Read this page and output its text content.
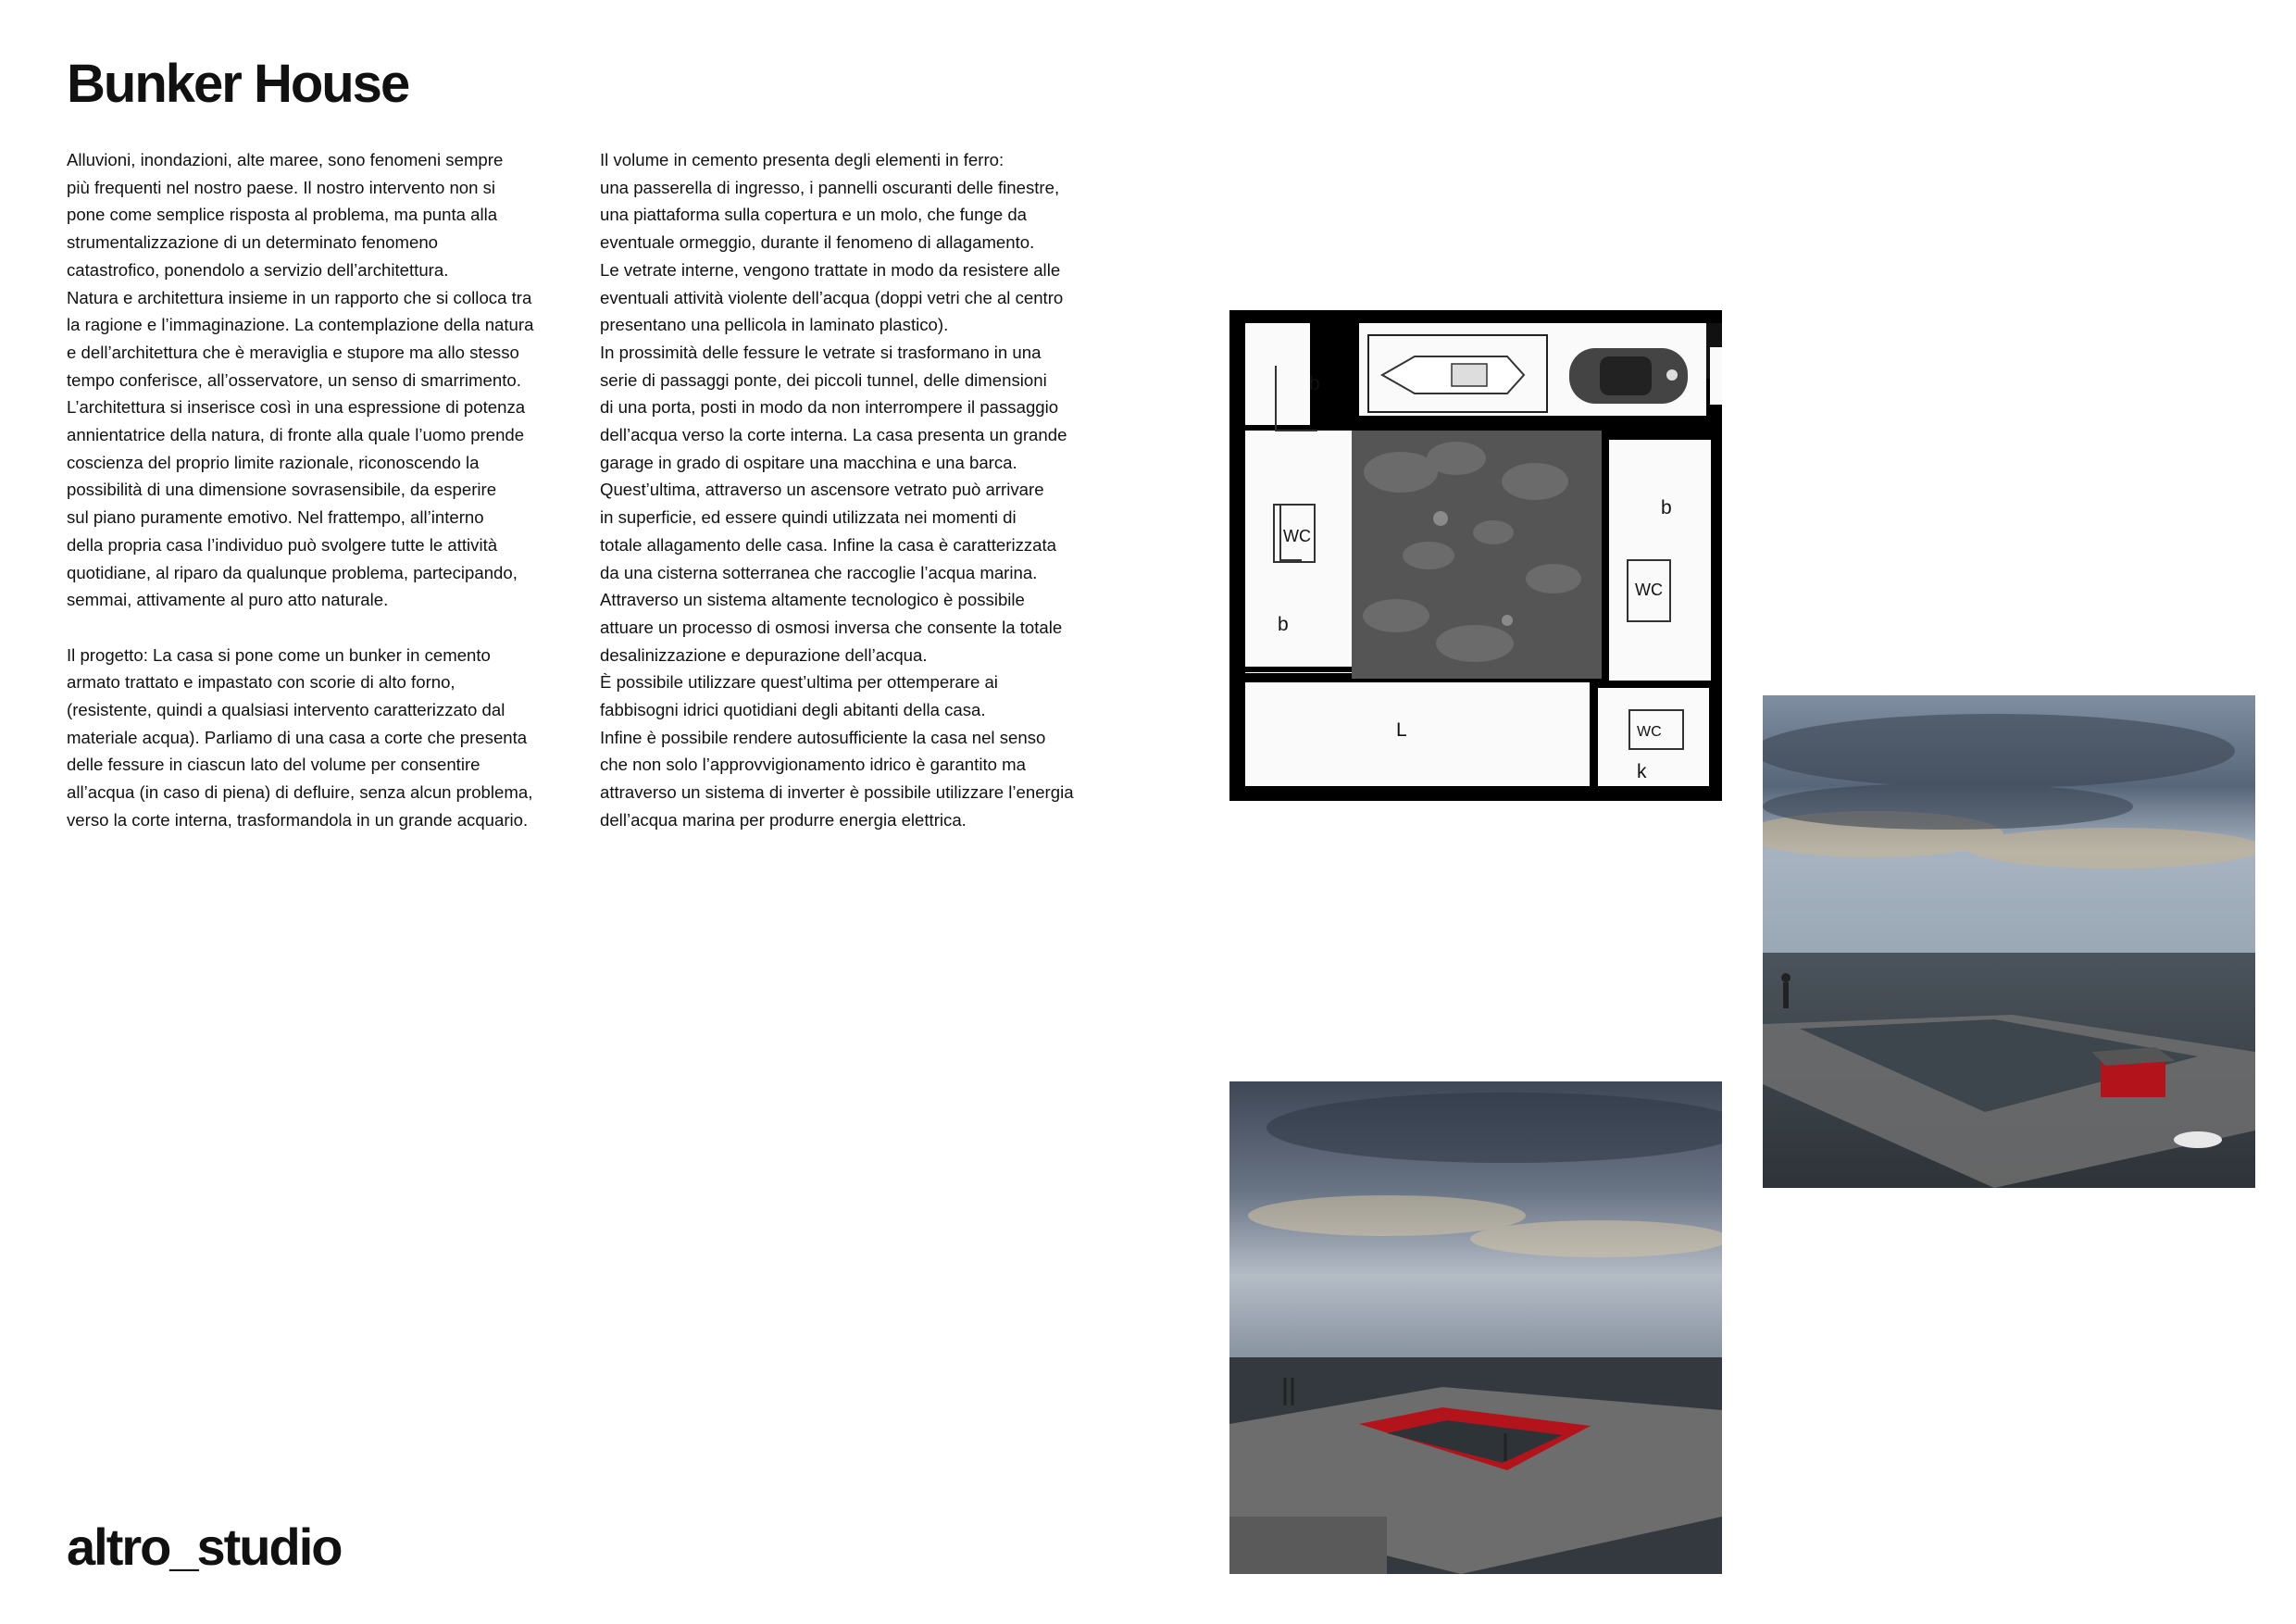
Bunker House

Alluvioni, inondazioni, alte maree, sono fenomeni sempre
più frequenti nel nostro paese. Il nostro intervento non si
pone come semplice risposta al problema, ma punta alla
strumentalizzazione di un determinato fenomeno
catastrofico, ponendolo a servizio dell’architettura.
Natura e architettura insieme in un rapporto che si colloca tra
la ragione e l’immaginazione. La contemplazione della natura
e dell’architettura che è meraviglia e stupore ma allo stesso
tempo conferisce, all’osservatore, un senso di smarrimento.
L’architettura si inserisce così in una espressione di potenza
annientatrice della natura, di fronte alla quale l’uomo prende
coscienza del proprio limite razionale, riconoscendo la
possibilità di una dimensione sovrasensibile, da esperire
sul piano puramente emotivo. Nel frattempo, all’interno
della propria casa l’individuo può svolgere tutte le attività
quotidiane, al riparo da qualunque problema, partecipando,
semmai, attivamente al puro atto naturale.

Il progetto: La casa si pone come un bunker in cemento
armato trattato e impastato con scorie di alto forno,
(resistente, quindi a qualsiasi intervento caratterizzato dal
materiale acqua). Parliamo di una casa a corte che presenta
delle fessure in ciascun lato del volume per consentire
all’acqua (in caso di piena) di defluire, senza alcun problema,
verso la corte interna, trasformandola in un grande acquario.

Il volume in cemento presenta degli elementi in ferro:
una passerella di ingresso, i pannelli oscuranti delle finestre,
una piattaforma sulla copertura e un molo, che funge da
eventuale ormeggio, durante il fenomeno di allagamento.
Le vetrate interne, vengono trattate in modo da resistere alle
eventuali attività violente dell’acqua (doppi vetri che al centro
presentano una pellicola in laminato plastico).
In prossimità delle fessure le vetrate si trasformano in una
serie di passaggi ponte, dei piccoli tunnel, delle dimensioni
di una porta, posti in modo da non interrompere il passaggio
dell’acqua verso la corte interna. La casa presenta un grande
garage in grado di ospitare una macchina e una barca.
Quest’ultima, attraverso un ascensore vetrato può arrivare
in superficie, ed essere quindi utilizzata nei momenti di
totale allagamento delle casa. Infine la casa è caratterizzata
da una cisterna sotterranea che raccoglie l’acqua marina.
Attraverso un sistema altamente tecnologico è possibile
attuare un processo di osmosi inversa che consente la totale
desalinizzazione e depurazione dell’acqua.
È possibile utilizzare quest’ultima per ottemperare ai
fabbisogni idrici quotidiani degli abitanti della casa.
Infine è possibile rendere autosufficiente la casa nel senso
che non solo l’approvvigionamento idrico è garantito ma
attraverso un sistema di inverter è possibile utilizzare l’energia
dell’acqua marina per produrre energia elettrica.

b
WC
b
b
WC
L	WC
k
altro_studio
